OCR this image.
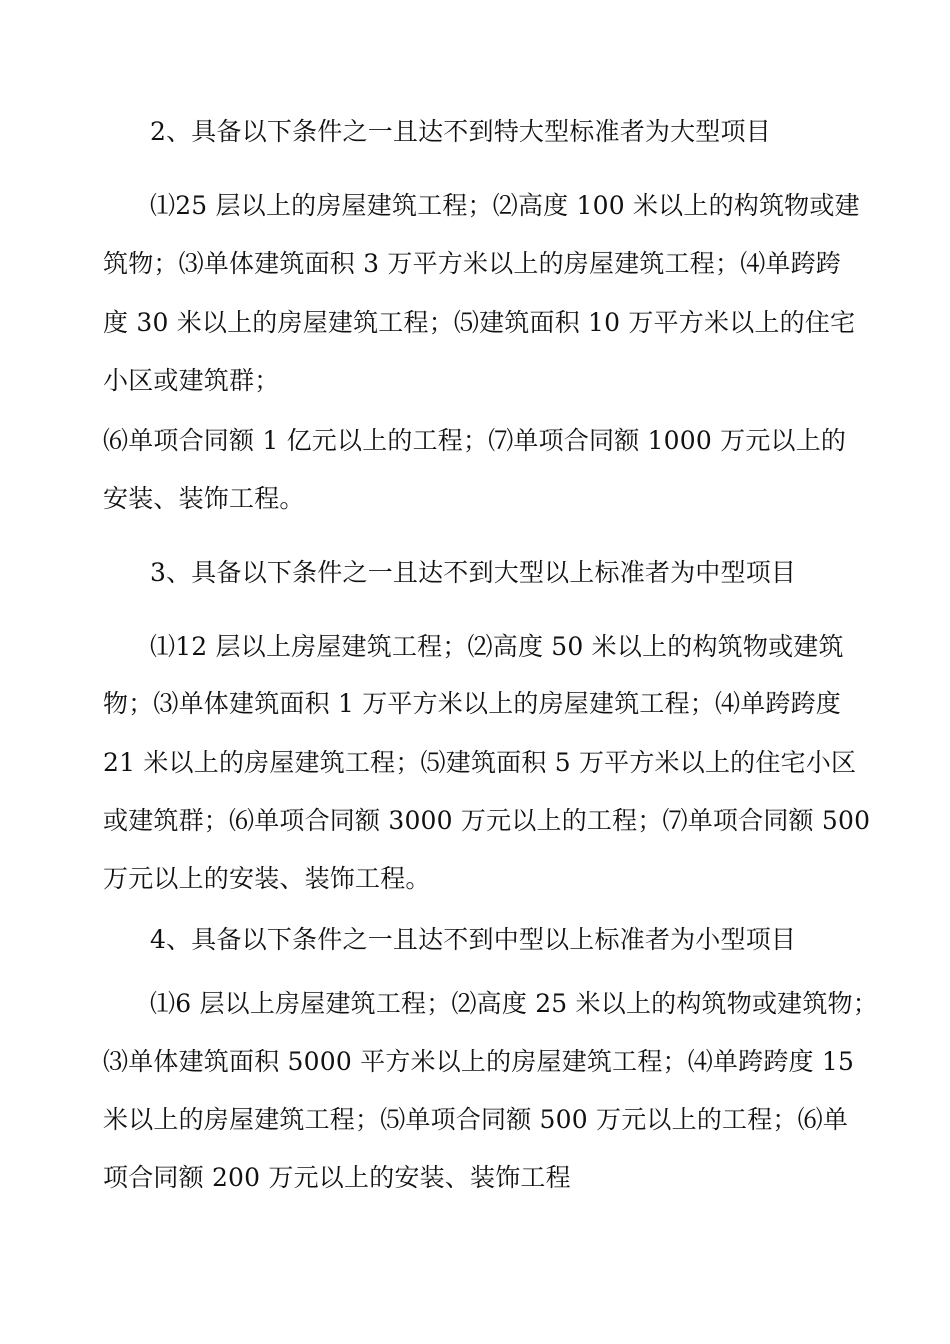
2、具备以下条件之一且达不到特大型标准者为大型项目
⑴25 层以上的房屋建筑工程；⑵高度 100 米以上的构筑物或建
筑物；⑶单体建筑面积 3 万平方米以上的房屋建筑工程；⑷单跨跨
度 30 米以上的房屋建筑工程；⑸建筑面积 10 万平方米以上的住宅
小区或建筑群；
⑹单项合同额 1 亿元以上的工程；⑺单项合同额 1000 万元以上的
安装、装饰工程。
3、具备以下条件之一且达不到大型以上标准者为中型项目
⑴12 层以上房屋建筑工程；⑵高度 50 米以上的构筑物或建筑
物；⑶单体建筑面积 1 万平方米以上的房屋建筑工程；⑷单跨跨度
21 米以上的房屋建筑工程；⑸建筑面积 5 万平方米以上的住宅小区
或建筑群；⑹单项合同额 3000 万元以上的工程；⑺单项合同额 500
万元以上的安装、装饰工程。
4、具备以下条件之一且达不到中型以上标准者为小型项目
⑴6 层以上房屋建筑工程；⑵高度 25 米以上的构筑物或建筑物；
⑶单体建筑面积 5000 平方米以上的房屋建筑工程；⑷单跨跨度 15
米以上的房屋建筑工程；⑸单项合同额 500 万元以上的工程；⑹单
项合同额 200 万元以上的安装、装饰工程
